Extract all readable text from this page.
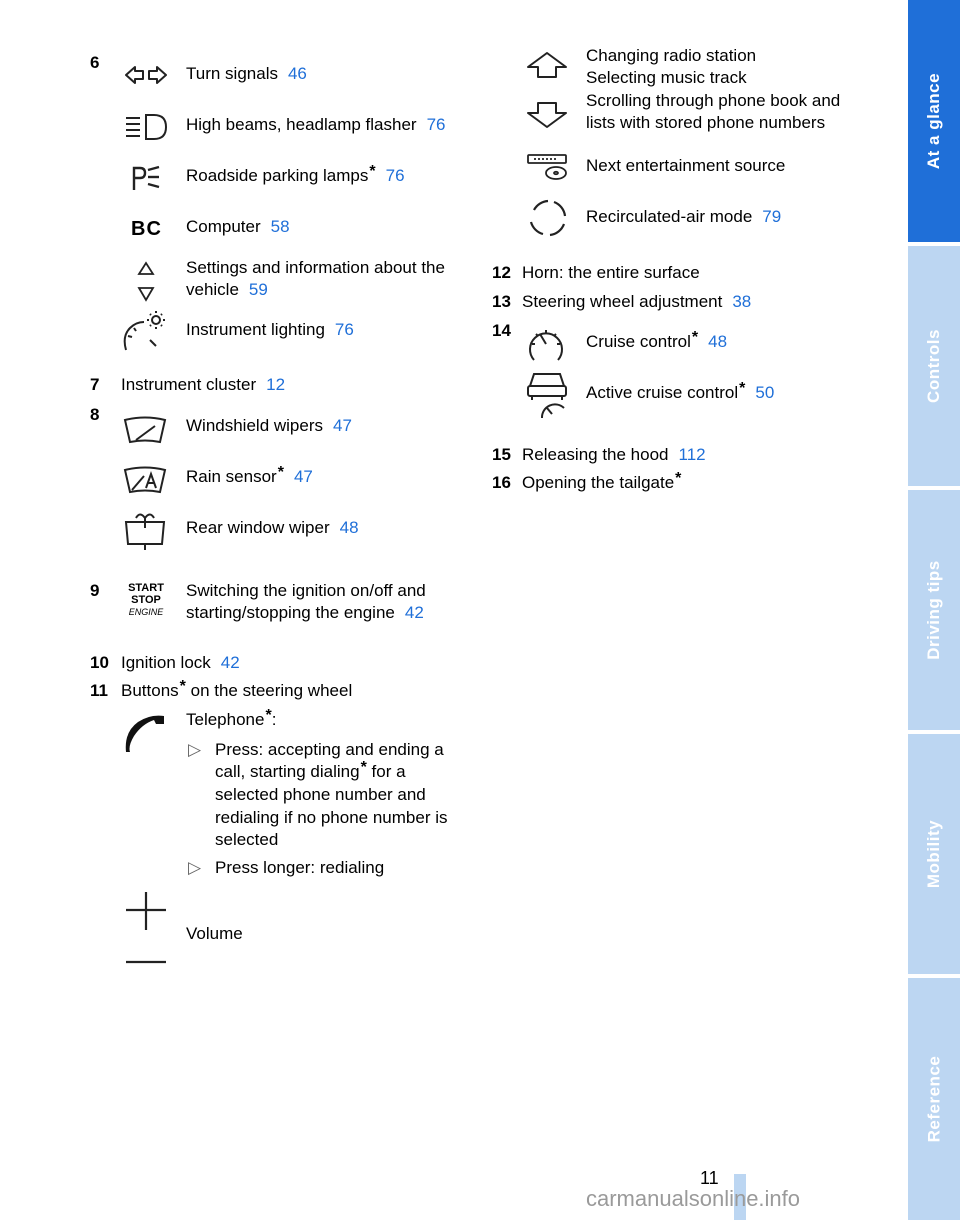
6
Turn signals 46
High beams, headlamp flasher 76
Roadside parking lamps* 76
BC Computer 58
Settings and information about the
vehicle 59
Instrument lighting 76
7 Instrument cluster 12
8
Windshield wipers 47
Rain sensor* 47
Rear window wiper 48
9	START
STOP
ENGINE
Switching the ignition on/off and
starting/stopping the engine 42
10 Ignition lock 42
11 Buttons* on the steering wheel
Telephone*:
▷ Press: accepting and ending a
call, starting dialing* for a
selected phone number and
redialing if no phone number is
selected
▷ Press longer: redialing
Volume
Changing radio station
Selecting music track
Scrolling through phone book and
lists with stored phone numbers
Next entertainment source
Recirculated-air mode 79
12 Horn: the entire surface
13 Steering wheel adjustment 38
14
Cruise control* 48
Active cruise control* 50
15 Releasing the hood 112
16 Opening the tailgate*
At a glance
Controls
Driving tips
Mobility
Reference
11
carmanualsonline.info
